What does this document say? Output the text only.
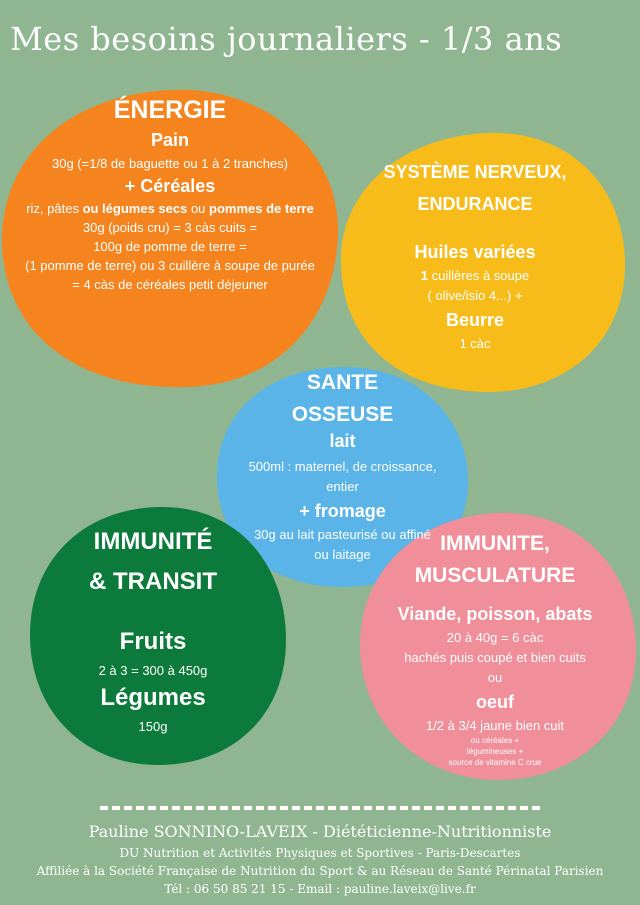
Mes besoins journaliers - 1/3 ans
ÉNERGIE
Pain
30g (=1/8 de baguette ou 1 à 2 tranches)
+ Céréales
riz, pâtes ou légumes secs ou pommes de terre
30g (poids cru) = 3 càs cuits =
100g de pomme de terre =
(1 pomme de terre) ou 3 cuillère à soupe de purée
= 4 càs de céréales petit déjeuner
SYSTÈME NERVEUX,
ENDURANCE
Huiles variées
1 cuillères à soupe
( olive/isio 4...) +
Beurre
1 càc
SANTE
OSSEUSE
lait
500ml : maternel, de croissance,
entier
+ fromage
30g au lait pasteurisé ou affiné
ou laitage
IMMUNITÉ
& TRANSIT
Fruits
2 à 3 = 300 à 450g
Légumes
150g
IMMUNITE,
MUSCULATURE
Viande, poisson, abats
20 à 40g = 6 càc
hachés puis coupé et bien cuits
ou
oeuf
1/2 à 3/4 jaune bien cuit
ou céréales +
légumineuses +
source de vitamine C crue
Pauline SONNINO-LAVEIX - Diététicienne-Nutritionniste
DU Nutrition et Activités Physiques et Sportives - Paris-Descartes
Affiliée à la Société Française de Nutrition du Sport & au Réseau de Santé Périnatal Parisien
Tél : 06 50 85 21 15 - Email : pauline.laveix@live.fr
